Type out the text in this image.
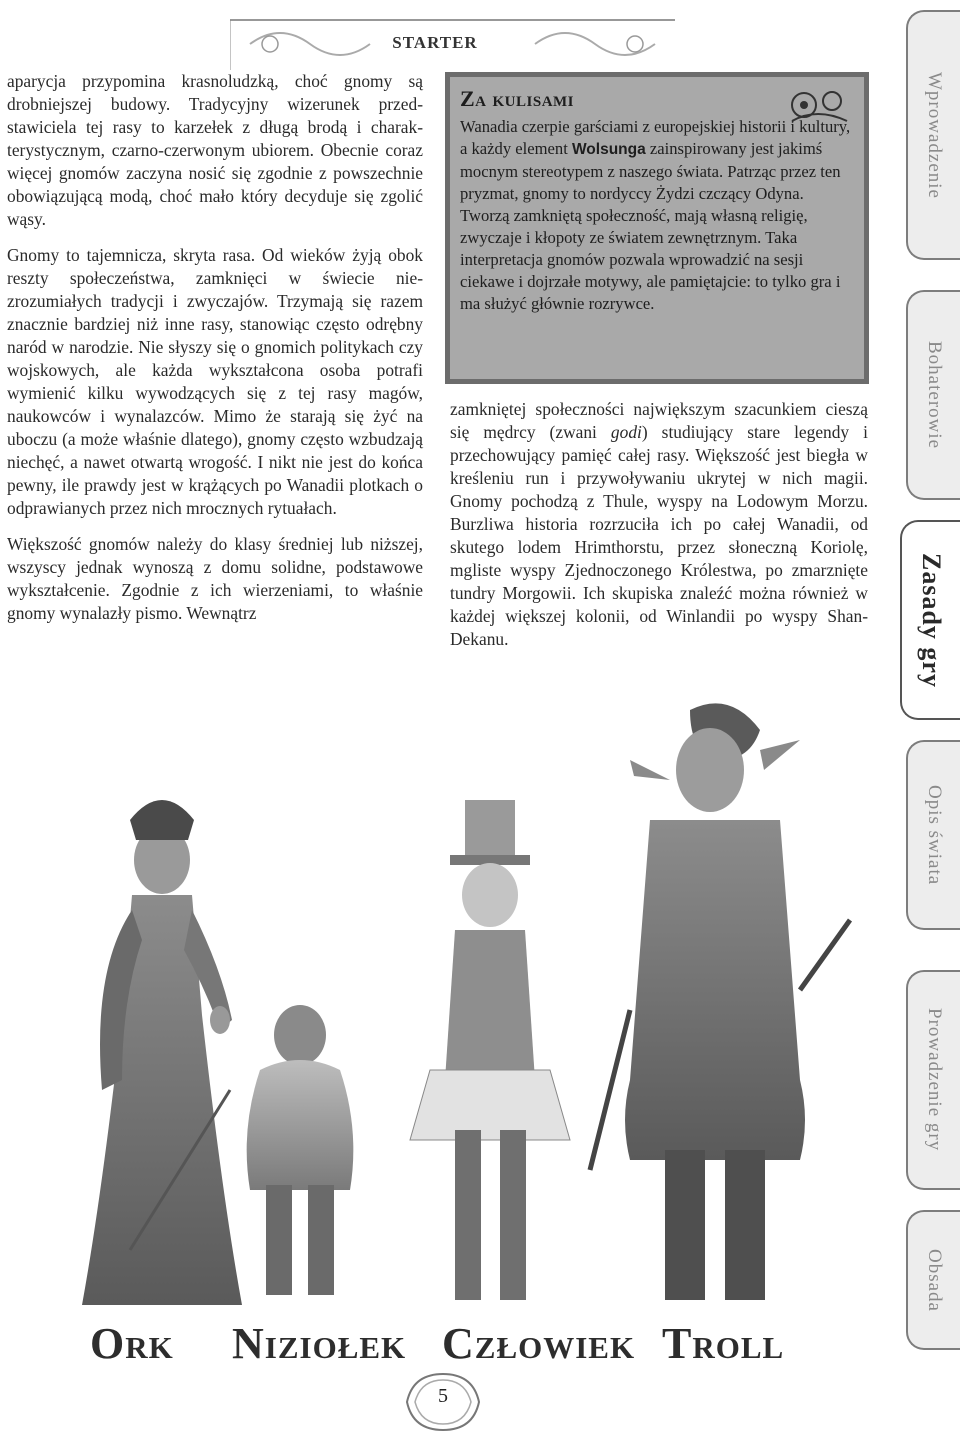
STARTER

aparycja przypomina krasnoludzką, choć gnomy są drobniejszej budowy. Tradycyjny wizerunek przedstawiciela tej rasy to karzełek z długą brodą i charakterystycznym, czarno-czerwonym ubiorem. Obecnie coraz więcej gnomów zaczyna nosić się zgodnie z powszechnie obowiązującą modą, choć mało który decyduje się zgolić wąsy.

Gnomy to tajemnicza, skryta rasa. Od wieków żyją obok reszty społeczeństwa, zamknięci w świecie niezrozumiałych tradycji i zwyczajów. Trzymają się razem znacznie bardziej niż inne rasy, stanowiąc często odrębny naród w narodzie. Nie słyszy się o gnomich politykach czy wojskowych, ale każda wykształcona osoba potrafi wymienić kilku wywodzących się z tej rasy magów, naukowców i wynalazców. Mimo że starają się żyć na uboczu (a może właśnie dlatego), gnomy często wzbudzają niechęć, a nawet otwartą wrogość. I nikt nie jest do końca pewny, ile prawdy jest w krążących po Wanadii plotkach o odprawianych przez nich mrocznych rytuałach.

Większość gnomów należy do klasy średniej lub niższej, wszyscy jednak wynoszą z domu solidne, podstawowe wykształcenie. Zgodnie z ich wierzeniami, to właśnie gnomy wynalazły pismo. Wewnątrz

Za kulisami
Wanadia czerpie garściami z europejskiej historii i kultury, a każdy element Wolsunga zainspirowany jest jakimś mocnym stereotypem z naszego świata. Patrząc przez ten pryzmat, gnomy to nordyccy Żydzi czczący Odyna. Tworzą zamkniętą społeczność, mają własną religię, zwyczaje i kłopoty ze światem zewnętrznym. Taka interpretacja gnomów pozwala wprowadzić na sesji ciekawe i dojrzałe motywy, ale pamiętajcie: to tylko gra i ma służyć głównie rozrywce.

zamkniętej społeczności największym szacunkiem cieszą się mędrcy (zwani godi) studiujący stare legendy i przechowujący pamięć całej rasy. Większość jest biegła w kreśleniu run i przywoływaniu ukrytej w nich magii. Gnomy pochodzą z Thule, wyspy na Lodowym Morzu. Burzliwa historia rozrzuciła ich po całej Wanadii, od skutego lodem Hrimthorstu, przez słoneczną Koriolę, mgliste wyspy Zjednoczonego Królestwa, po zmarznięte tundry Morgowii. Ich skupiska znaleźć można również w każdej większej kolonii, od Winlandii po wyspy Shan-Dekanu.

Wprowadzenie
Bohaterowie
Zasady gry
Opis świata
Prowadzenie gry
Obsada
Ork Niziołek Człowiek Troll
5
